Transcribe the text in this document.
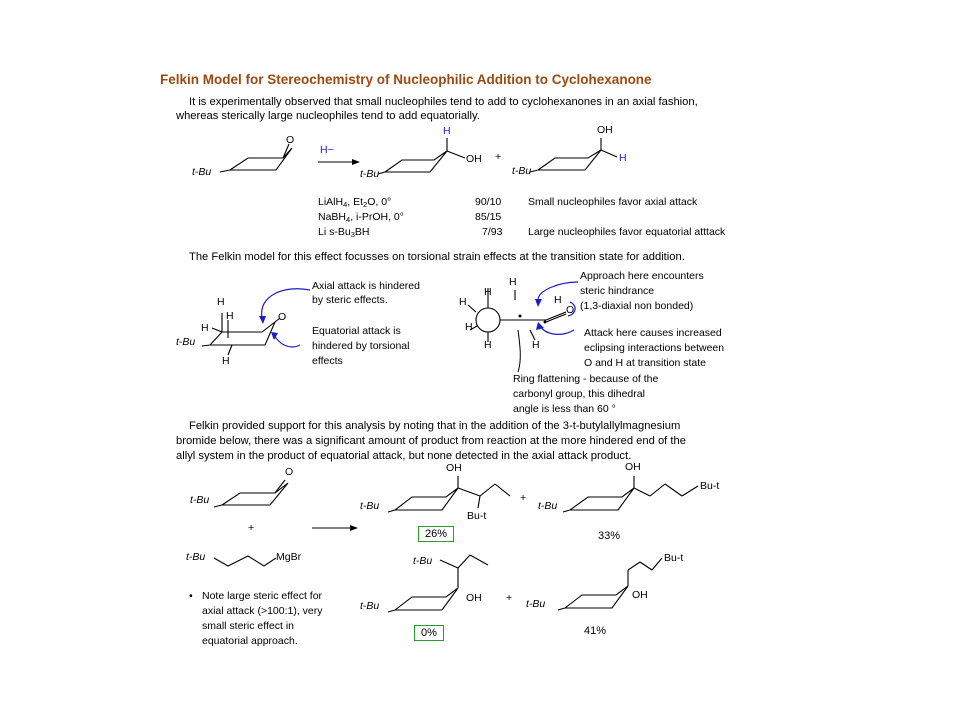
Felkin Model for Stereochemistry of Nucleophilic Addition to Cyclohexanone
It is experimentally observed that small nucleophiles tend to add to cyclohexanones in an axial fashion,
whereas sterically large nucleophiles tend to add equatorially.
t-Bu
O
H−
t-Bu
H
OH +
t-Bu
OH
H
LiAlH$_4$, $Et_2O$, 0°
NaBH$_4$, i-PrOH, 0°
Li $s-Bu_3BH$
90/10
85/15
7/93
Small nucleophiles favor axial attack
Large nucleophiles favor equatorial atttack
The Felkin model for this effect focusses on torsional strain effects at the transition state for addition.
t-Bu
H
H
H
H
O
Axial attack is hindered
by steric effects.
Equatorial attack is
hindered by torsional
effects
H
H
H
H
H	H
H
O
Approach here encounters
steric hindrance
(1,3-diaxial non bonded)
Attack here causes increased
eclipsing interactions between
O and H at transition state
Ring flattening - because of the
carbonyl group, this dihedral
angle is less than 60 °
Felkin provided support for this analysis by noting that in the addition of the 3-t-butylallylmagnesium
bromide below, there was a significant amount of product from reaction at the more hindered end of the
allyl system in the product of equatorial attack, but none detected in the axial attack product.
t-Bu
O
+
t-Bu	MgBr
OH
t-Bu
Bu-t
26%
+
OH
t-Bu
Bu-t
33%
t-Bu
OH
t-Bu
0%
+
Bu-t
OH
t-Bu
41%
• Note large steric effect for
axial attack (>100:1), very
small steric effect in
equatorial approach.
